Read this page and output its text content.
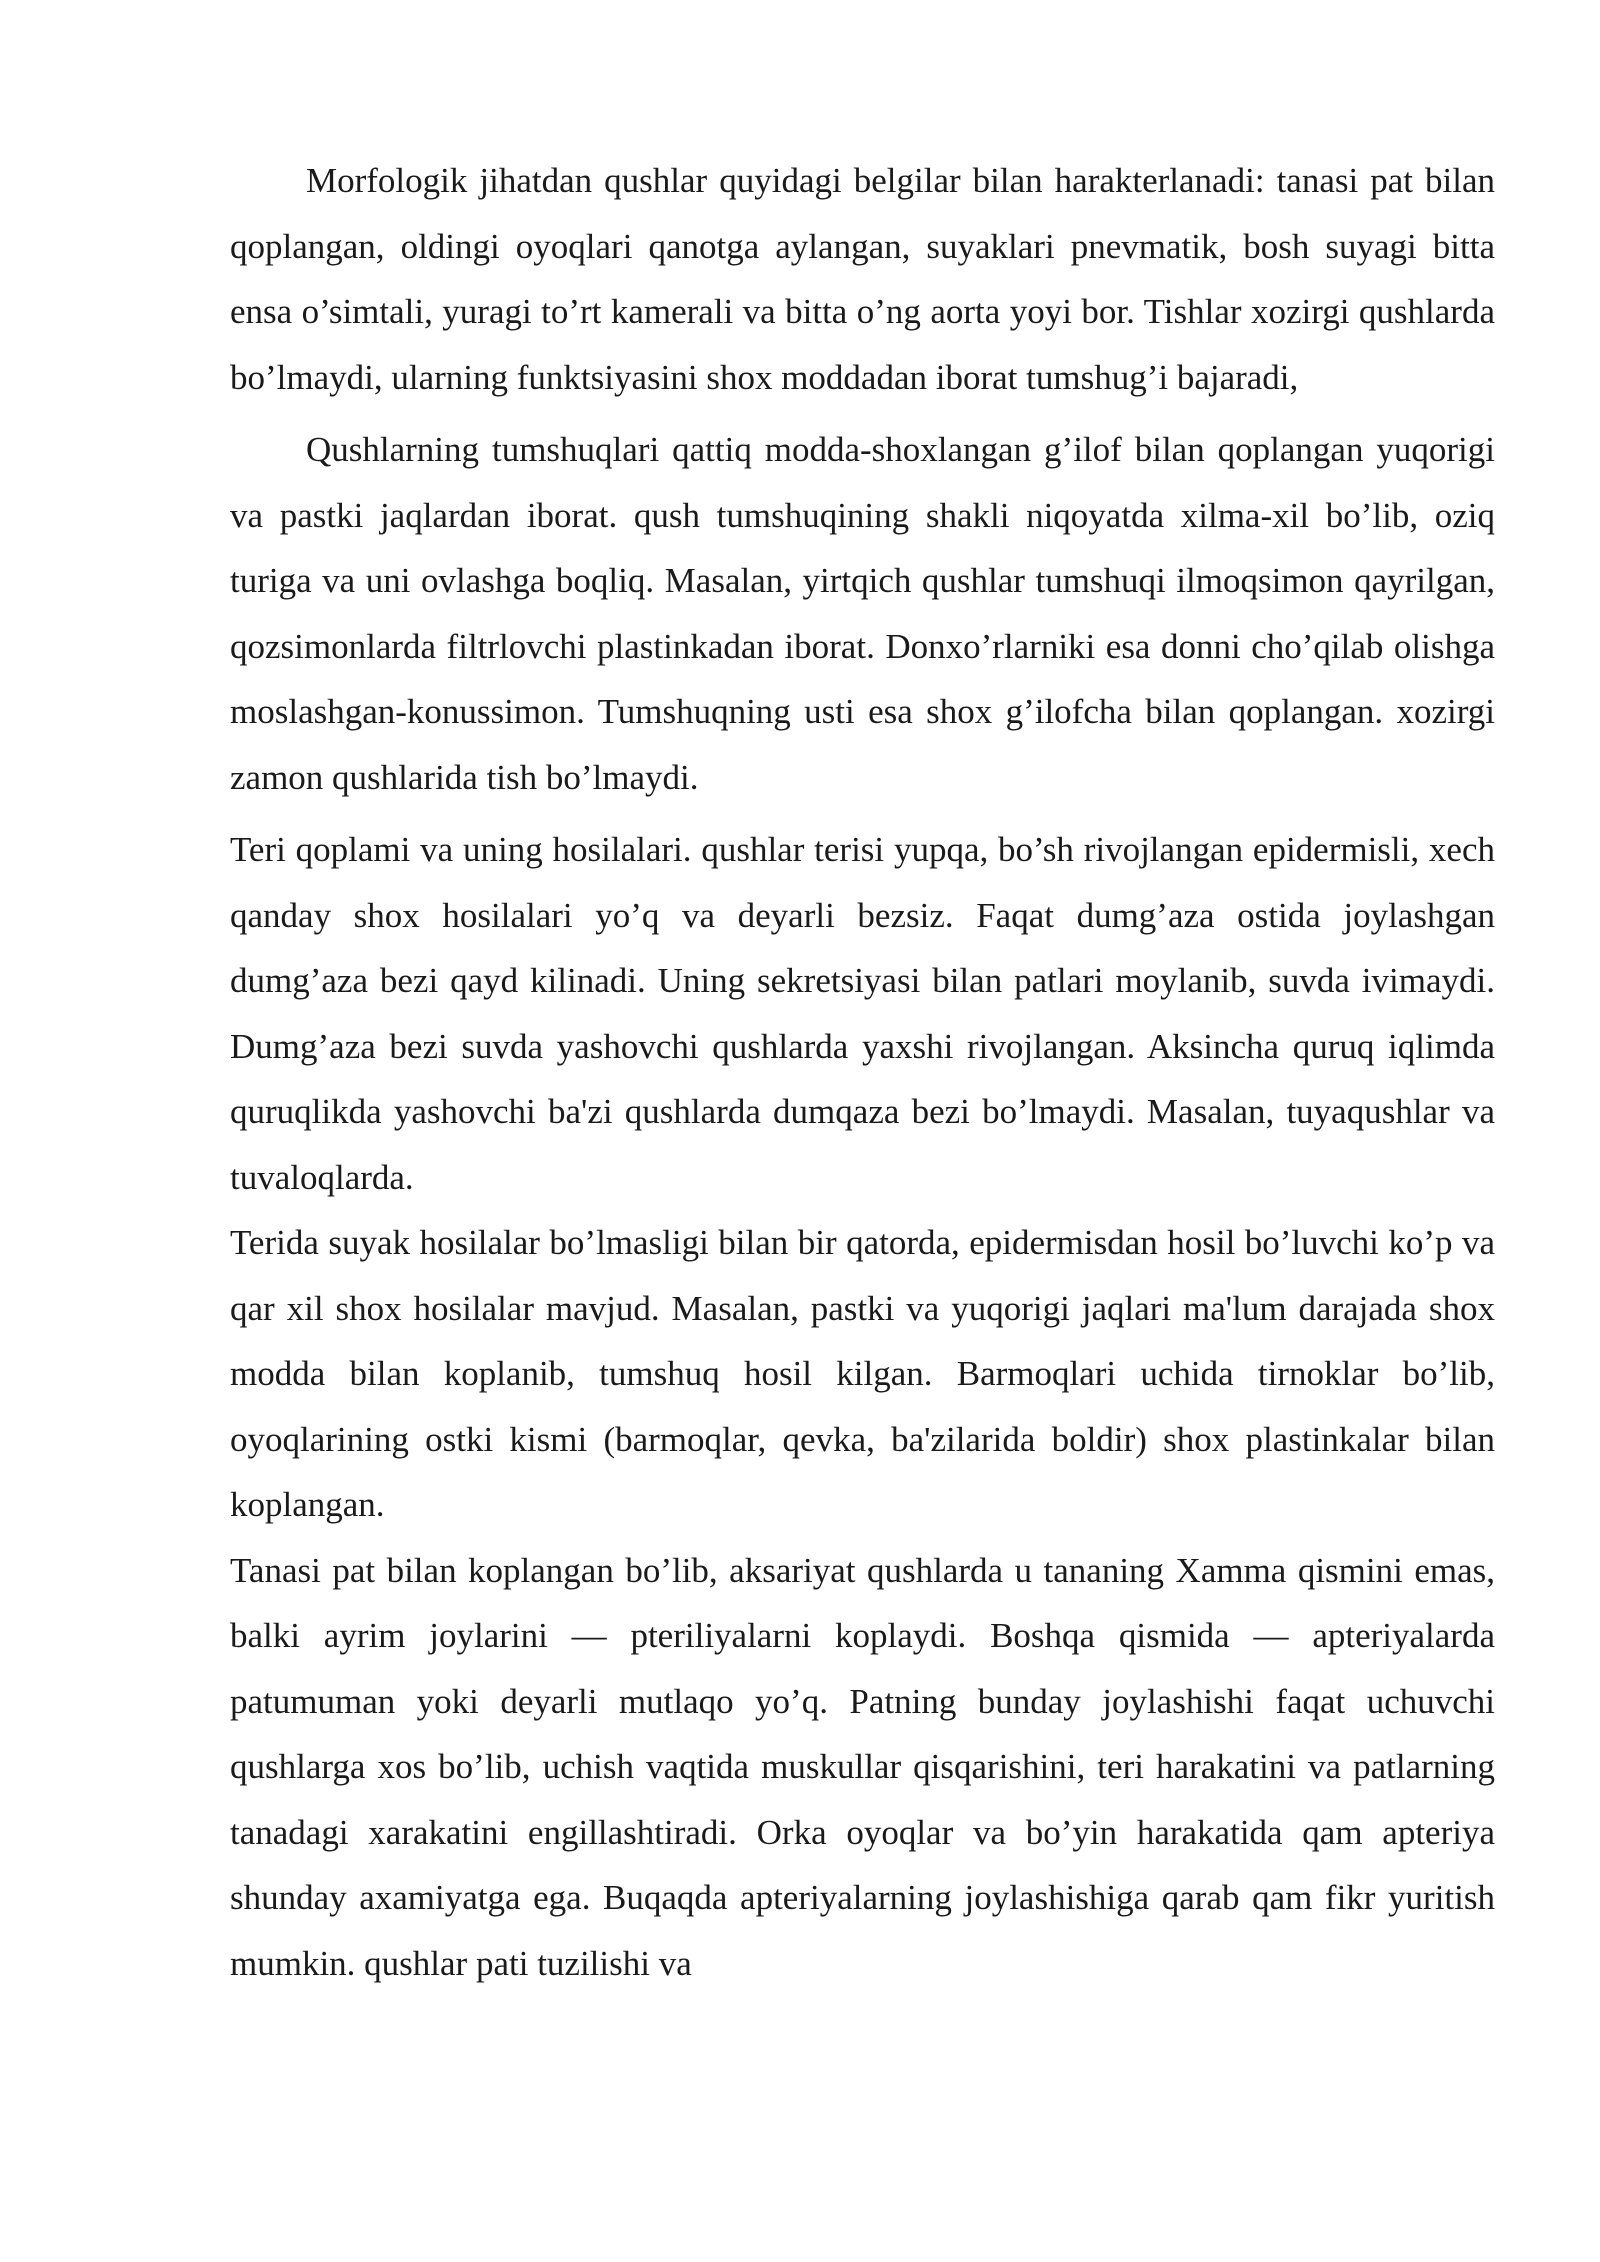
Morfologik jihatdan qushlar quyidagi belgilar bilan harakterlanadi: tanasi pat bilan qoplangan, oldingi oyoqlari qanotga aylangan, suyaklari pnevmatik, bosh suyagi bitta ensa o’simtali, yuragi to’rt kamerali va bitta o’ng aorta yoyi bor. Tishlar xozirgi qushlarda bo’lmaydi, ularning funktsiyasini shox moddadan iborat tumshug’i bajaradi,

Qushlarning tumshuqlari qattiq modda-shoxlangan g’ilof bilan qoplangan yuqorigi va pastki jaqlardan iborat. qush tumshuqining shakli niqoyatda xilma-xil bo’lib, oziq turiga va uni ovlashga boqliq. Masalan, yirtqich qushlar tumshuqi ilmoqsimon qayrilgan, qozsimonlarda filtrlovchi plastinkadan iborat. Donxo’rlarniki esa donni cho’qilab olishga moslashgan-konussimon. Tumshuqning usti esa shox g’ilofcha bilan qoplangan. xozirgi zamon qushlarida tish bo’lmaydi.

Teri qoplami va uning hosilalari. qushlar terisi yupqa, bo’sh rivojlangan epidermisli, xech qanday shox hosilalari yo’q va deyarli bezsiz. Faqat dumg’aza ostida joylashgan dumg’aza bezi qayd kilinadi. Uning sekretsiyasi bilan patlari moylanib, suvda ivimaydi. Dumg’aza bezi suvda yashovchi qushlarda yaxshi rivojlangan. Aksincha quruq iqlimda quruqlikda yashovchi ba'zi qushlarda dumqaza bezi bo’lmaydi. Masalan, tuyaqushlar va tuvaloqlarda.

Terida suyak hosilalar bo’lmasligi bilan bir qatorda, epidermisdan hosil bo’luvchi ko’p va qar xil shox hosilalar mavjud. Masalan, pastki va yuqorigi jaqlari ma'lum darajada shox modda bilan koplanib, tumshuq hosil kilgan. Barmoqlari uchida tirnoklar bo’lib, oyoqlarining ostki kismi (barmoqlar, qevka, ba'zilarida boldir) shox plastinkalar bilan koplangan.

Tanasi pat bilan koplangan bo’lib, aksariyat qushlarda u tananing Xamma qismini emas, balki ayrim joylarini — pteriliyalarni koplaydi. Boshqa qismida — apteriyalarda patumuman yoki deyarli mutlaqo yo’q. Patning bunday joylashishi faqat uchuvchi qushlarga xos bo’lib, uchish vaqtida muskullar qisqarishini, teri harakatini va patlarning tanadagi xarakatini engillashtiradi. Orka oyoqlar va bo’yin harakatida qam apteriya shunday axamiyatga ega. Buqaqda apteriyalarning joylashishiga qarab qam fikr yuritish mumkin. qushlar pati tuzilishi va
